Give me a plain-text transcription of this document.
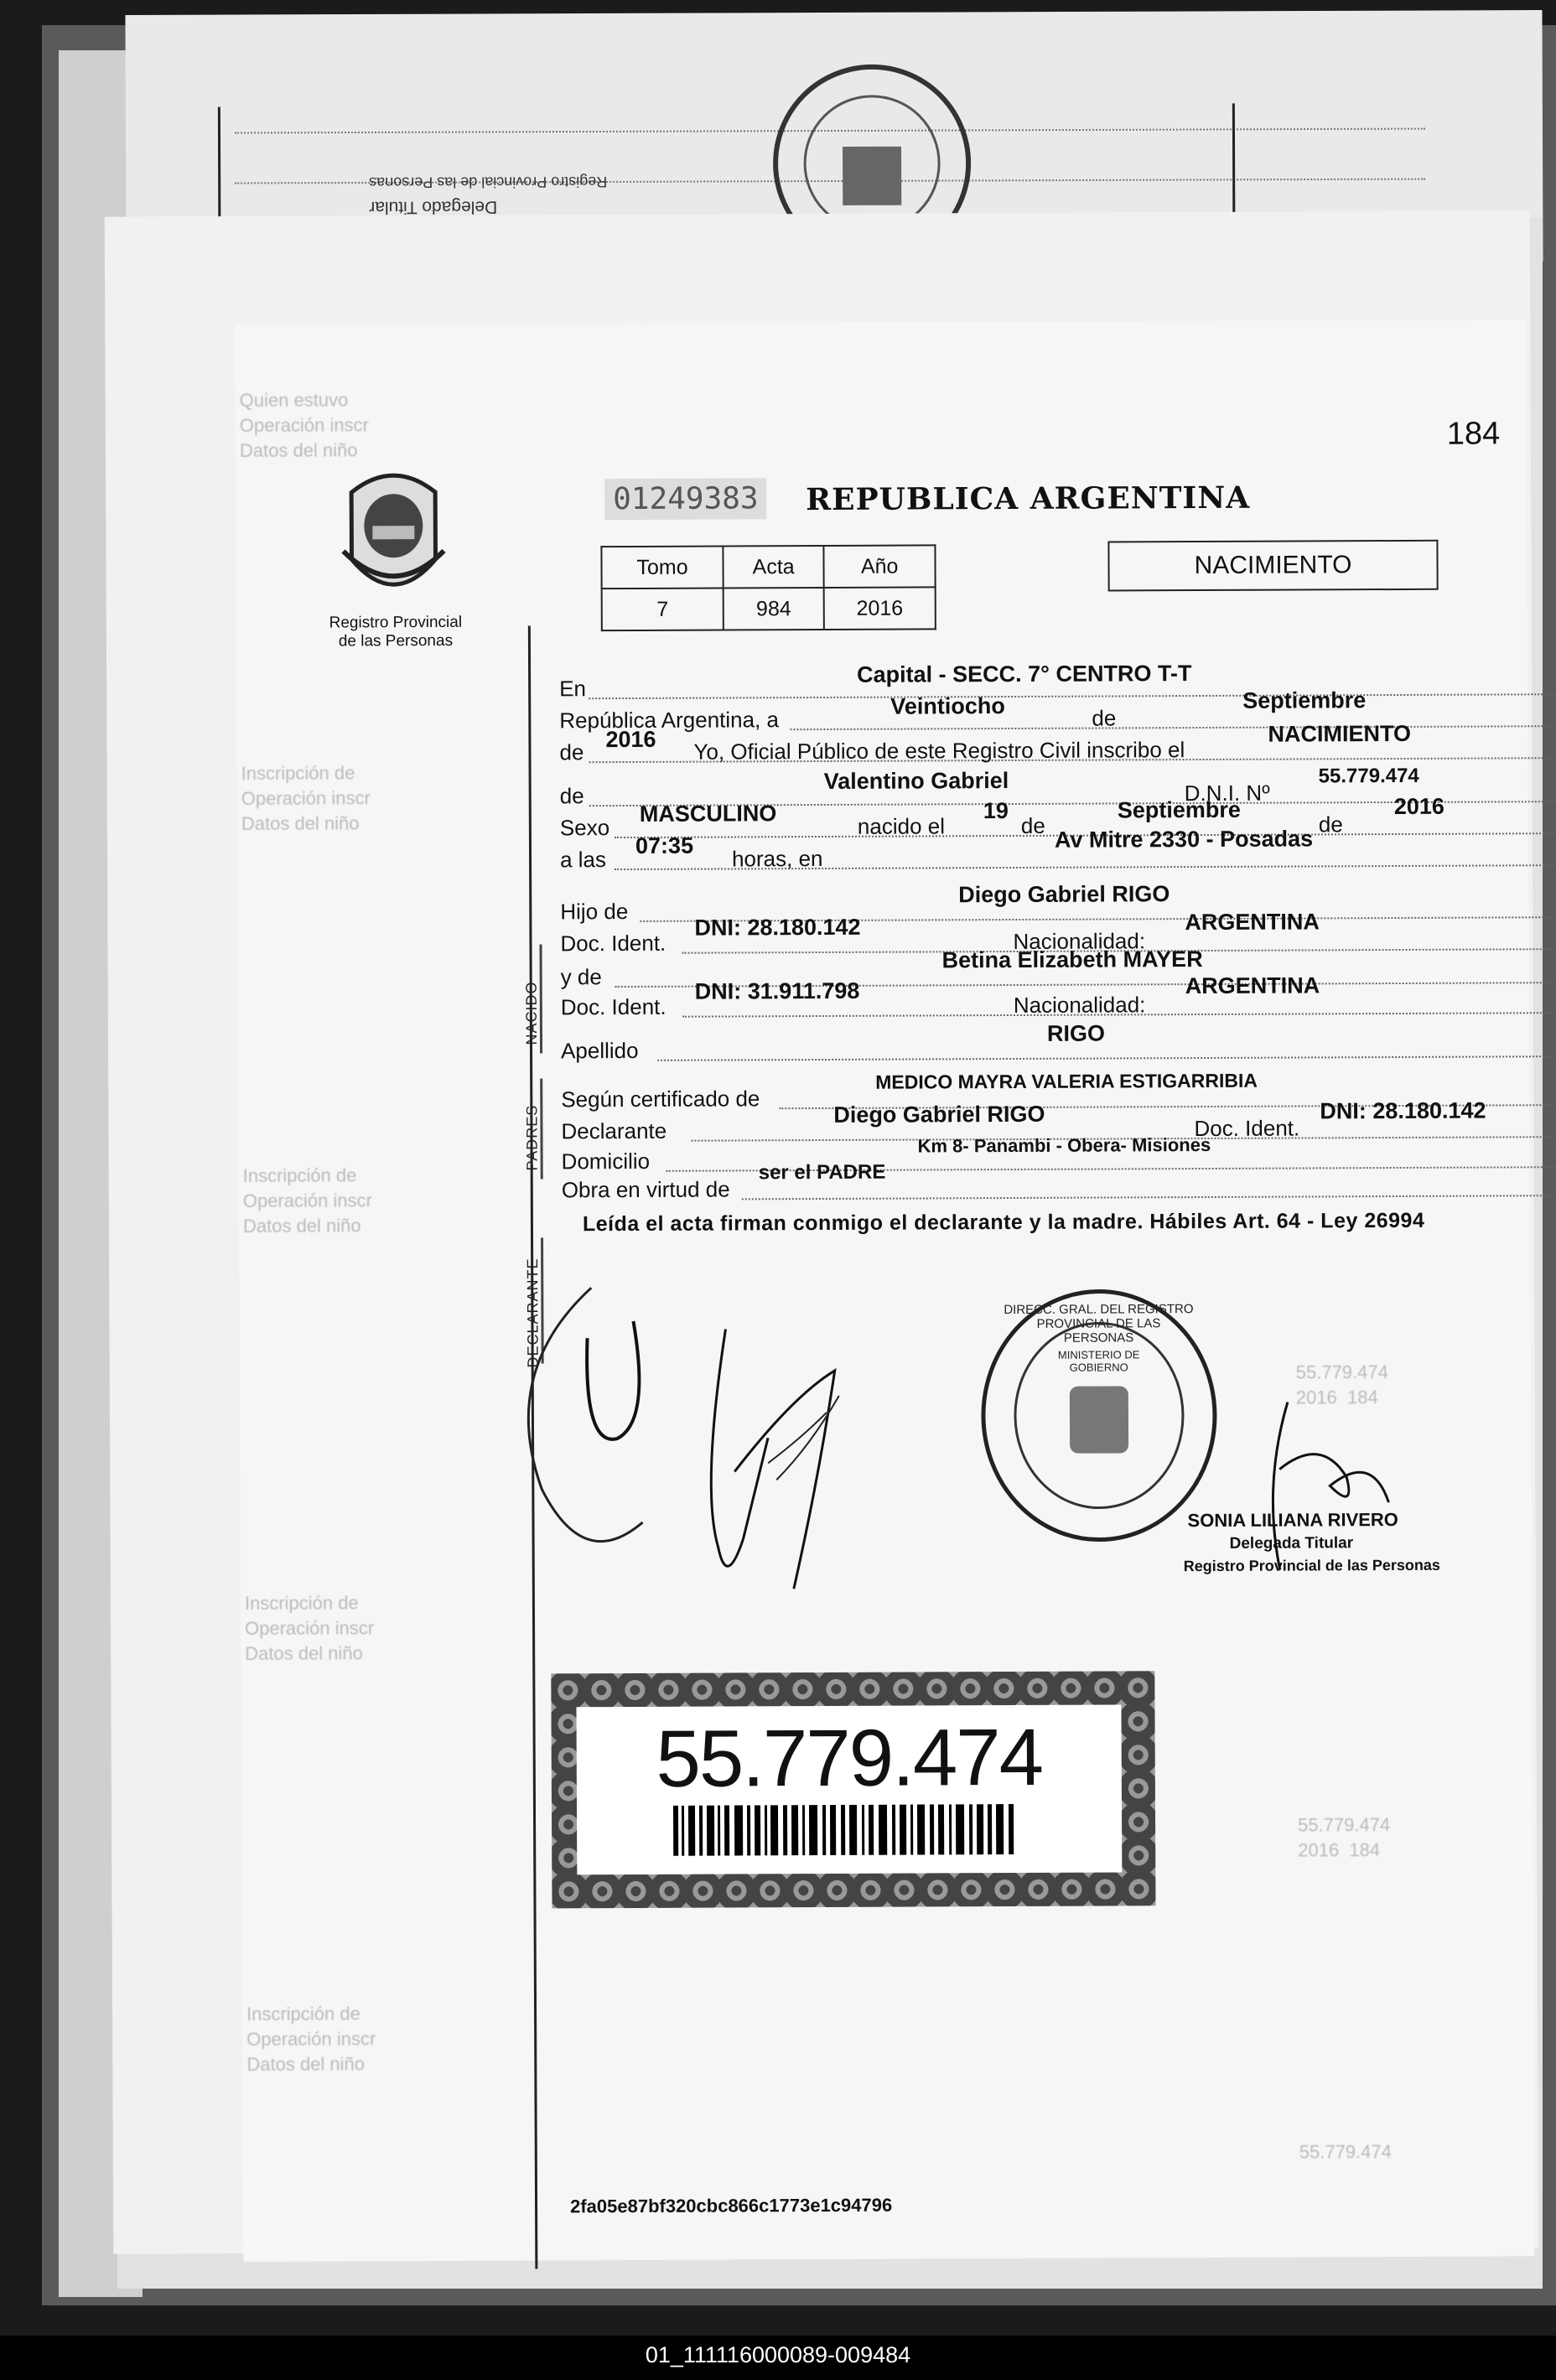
Delegado Titular
Registro Provincial de las Personas
Quien estuvo
Operación inscr
Datos del niño
Inscripción de
Operación inscr
Datos del niño
Inscripción de
Operación inscr
Datos del niño
Inscripción de
Operación inscr
Datos del niño
Inscripción de
Operación inscr
Datos del niño
55.779.474
2016  184
55.779.474
2016  184
55.779.474
184
Registro Provincial de las Personas
01249383 REPUBLICA ARGENTINA
Tomo	Acta	Año
7	984	2016
NACIMIENTO
NACIDO
PADRES
DECLARANTE
En
Capital - SECC. 7° CENTRO T-T
República Argentina, a
Veintiocho	de
Septiembre
de
2016 Yo, Oficial Público de este Registro Civil inscribo el
NACIMIENTO
de
Valentino Gabriel	D.N.I. Nº
55.779.474
Sexo
MASCULINO	nacido el
19
de
Septiembre
de
2016
a las
07:35
horas, en
Av Mitre 2330 - Posadas
Hijo de
Diego Gabriel RIGO
Doc. Ident.
DNI: 28.180.142
Nacionalidad:
ARGENTINA
y de
Betina Elizabeth MAYER
Doc. Ident.
DNI: 31.911.798
Nacionalidad:
ARGENTINA
Apellido
RIGO
Según certificado de
MEDICO MAYRA VALERIA ESTIGARRIBIA
Declarante
Diego Gabriel RIGO
Doc. Ident.
DNI: 28.180.142
Domicilio
Km 8- Panambi - Obera- Misiones
Obra en virtud de
ser el PADRE
Leída el acta firman conmigo el declarante y la madre. Hábiles Art. 64 - Ley 26994
DIRECC. GRAL. DEL REGISTRO PROVINCIAL DE LAS PERSONAS
MINISTERIO DE GOBIERNO
SONIA LILIANA RIVERO
Delegada Titular
Registro Provincial de las Personas
55.779.474
2fa05e87bf320cbc866c1773e1c94796
01_111116000089-009484
